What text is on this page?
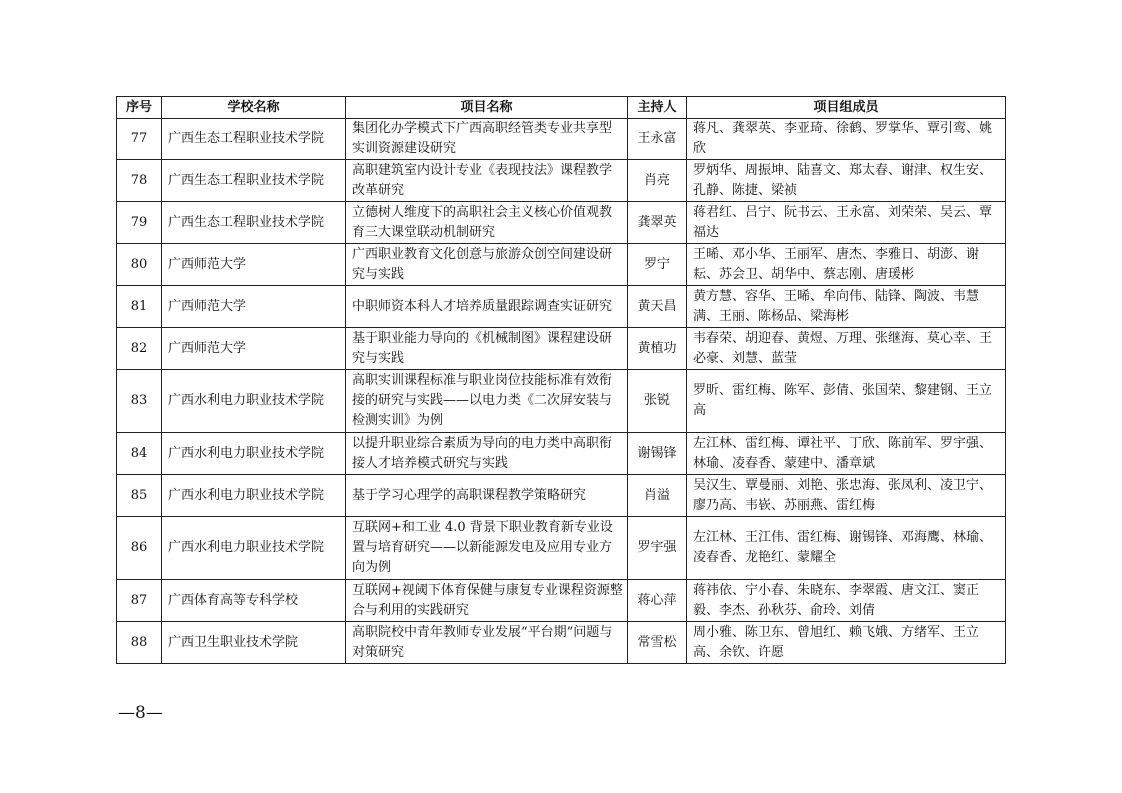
序号	学校名称	项目名称	主持人	项目组成员
77	广西生态工程职业技术学院	集团化办学模式下广西高职经管类专业共享型实训资源建设研究	王永富	蒋凡、龚翠英、李亚琦、徐鹤、罗掌华、覃引鸾、姚欣
78	广西生态工程职业技术学院	高职建筑室内设计专业《表现技法》课程教学改革研究	肖亮	罗炳华、周振坤、陆喜文、郑太春、谢津、权生安、孔静、陈捷、梁祯
79	广西生态工程职业技术学院	立德树人维度下的高职社会主义核心价值观教育三大课堂联动机制研究	龚翠英	蒋君红、吕宁、阮书云、王永富、刘荣荣、吴云、覃福达
80	广西师范大学	广西职业教育文化创意与旅游众创空间建设研究与实践	罗宁	王晞、邓小华、王丽军、唐杰、李雅日、胡澎、谢耘、苏会卫、胡华中、蔡志刚、唐瑗彬
81	广西师范大学	中职师资本科人才培养质量跟踪调查实证研究	黄天昌	黄方慧、容华、王晞、牟向伟、陆锋、陶波、韦慧满、王丽、陈杨品、梁海彬
82	广西师范大学	基于职业能力导向的《机械制图》课程建设研究与实践	黄植功	韦春荣、胡迎春、黄煜、万理、张继海、莫心幸、王必豪、刘慧、蓝莹
83	广西水利电力职业技术学院	高职实训课程标准与职业岗位技能标准有效衔接的研究与实践——以电力类《二次屏安装与检测实训》为例	张锐	罗昕、雷红梅、陈军、彭倩、张国荣、黎建钢、王立高
84	广西水利电力职业技术学院	以提升职业综合素质为导向的电力类中高职衔接人才培养模式研究与实践	谢锡锋	左江林、雷红梅、谭社平、丁欣、陈前军、罗宇强、林瑜、凌春香、蒙建中、潘章斌
85	广西水利电力职业技术学院	基于学习心理学的高职课程教学策略研究	肖溢	吴汉生、覃曼丽、刘艳、张忠海、张凤利、凌卫宁、廖乃高、韦嵚、苏丽燕、雷红梅
86	广西水利电力职业技术学院	互联网+和工业 4.0 背景下职业教育新专业设置与培育研究——以新能源发电及应用专业方向为例	罗宇强	左江林、王江伟、雷红梅、谢锡锋、邓海鹰、林瑜、凌春香、龙艳红、蒙耀全
87	广西体育高等专科学校	互联网+视阈下体育保健与康复专业课程资源整合与利用的实践研究	蒋心萍	蒋祎依、宁小春、朱晓东、李翠霞、唐文江、窦正毅、李杰、孙秋芬、俞玲、刘倩
88	广西卫生职业技术学院	高职院校中青年教师专业发展“平台期”问题与对策研究	常雪松	周小雅、陈卫东、曾旭红、赖飞娥、方绪军、王立高、余钦、许愿
—8—
